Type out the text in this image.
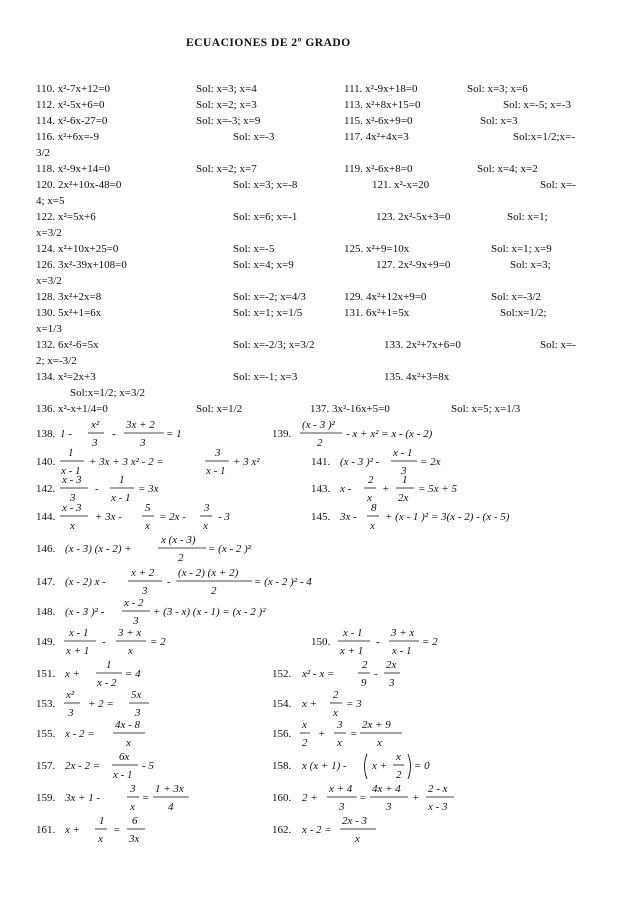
ECUACIONES DE 2º GRADO
110. x²-7x+12=0	Sol: x=3; x=4	111. x²-9x+18=0	Sol: x=3; x=6
112. x²-5x+6=0	Sol: x=2; x=3	113. x²+8x+15=0	Sol: x=-5; x=-3
114. x²-6x-27=0	Sol: x=-3; x=9	115. x²-6x+9=0	Sol: x=3
116. x²+6x=-9	Sol: x=-3	117. 4x²+4x=3	Sol:x=1/2;x=-
3/2
118. x²-9x+14=0	Sol: x=2; x=7	119. x²-6x+8=0	Sol: x=4; x=2
120. 2x²+10x-48=0	Sol: x=3; x=-8	121. x²-x=20	Sol: x=-
4; x=5
122. x²=5x+6	Sol: x=6; x=-1	123. 2x²-5x+3=0	Sol: x=1;
x=3/2
124. x²+10x+25=0	Sol: x=-5	125. x²+9=10x	Sol: x=1; x=9
126. 3x²-39x+108=0	Sol: x=4; x=9	127. 2x²-9x+9=0	Sol: x=3;
x=3/2
128. 3x²+2x=8	Sol: x=-2; x=4/3	129. 4x²+12x+9=0	Sol: x=-3/2
130. 5x²+1=6x	Sol: x=1; x=1/5	131. 6x²+1=5x	Sol:x=1/2;
x=1/3
132. 6x²-6=5x	Sol: x=-2/3; x=3/2	133. 2x²+7x+6=0	Sol: x=-
2; x=-3/2
134. x²=2x+3	Sol: x=-1; x=3	135. 4x²+3=8x
Sol:x=1/2; x=3/2
136. x²-x+1/4=0	Sol: x=1/2	137. 3x²-16x+5=0	Sol: x=5; x=1/3
138. 1 -
x²
3
-
3x + 2
3
= 1	139.
(x - 3 )²
2
- x + x² = x - (x - 2)
140.
1
x - 1
+ 3x + 3 x² - 2 =
3
x - 1
+ 3 x²	141. (x - 3 )² -
x - 1
3
= 2x
142.
x - 3
3
-
1
x - 1
= 3x	143. x -
2
x
+
1
2x
= 5x + 5
144.
x - 3
x
+ 3x -
5
x
= 2x -
3
x
- 3	145. 3x -
8
x
+ (x - 1 )² = 3(x - 2) - (x - 5)
146. (x - 3) (x - 2) +
x (x - 3)
2
= (x - 2 )²
147. (x - 2) x -
x + 2
3
-
(x - 2) (x + 2)
2
= (x - 2 )² - 4
148. (x - 3 )² -
x - 2
3
+ (3 - x) (x - 1) = (x - 2 )²
149.
x - 1
x + 1
-
3 + x
x
= 2	150.
x - 1
x + 1
-
3 + x
x - 1
= 2
151. x +
1
x - 2
= 4	152. x² - x =
2
9
-
2x
3
153.
x²
3
+ 2 =
5x
3
154. x +
2
x
= 3
155. x - 2 =
4x - 8
x
156.
x
2
+
3
x
=
2x + 9
x
157. 2x - 2 =
6x
x - 1
- 5	158. x (x + 1) - x +
x
2
= 0
159. 3x + 1 -
3
x
=
1 + 3x
4
160. 2 +
x + 4
3
=
4x + 4
3
+
2 - x
x - 3
161. x +
1
x
=
6
3x
162. x - 2 =
2x - 3
x
